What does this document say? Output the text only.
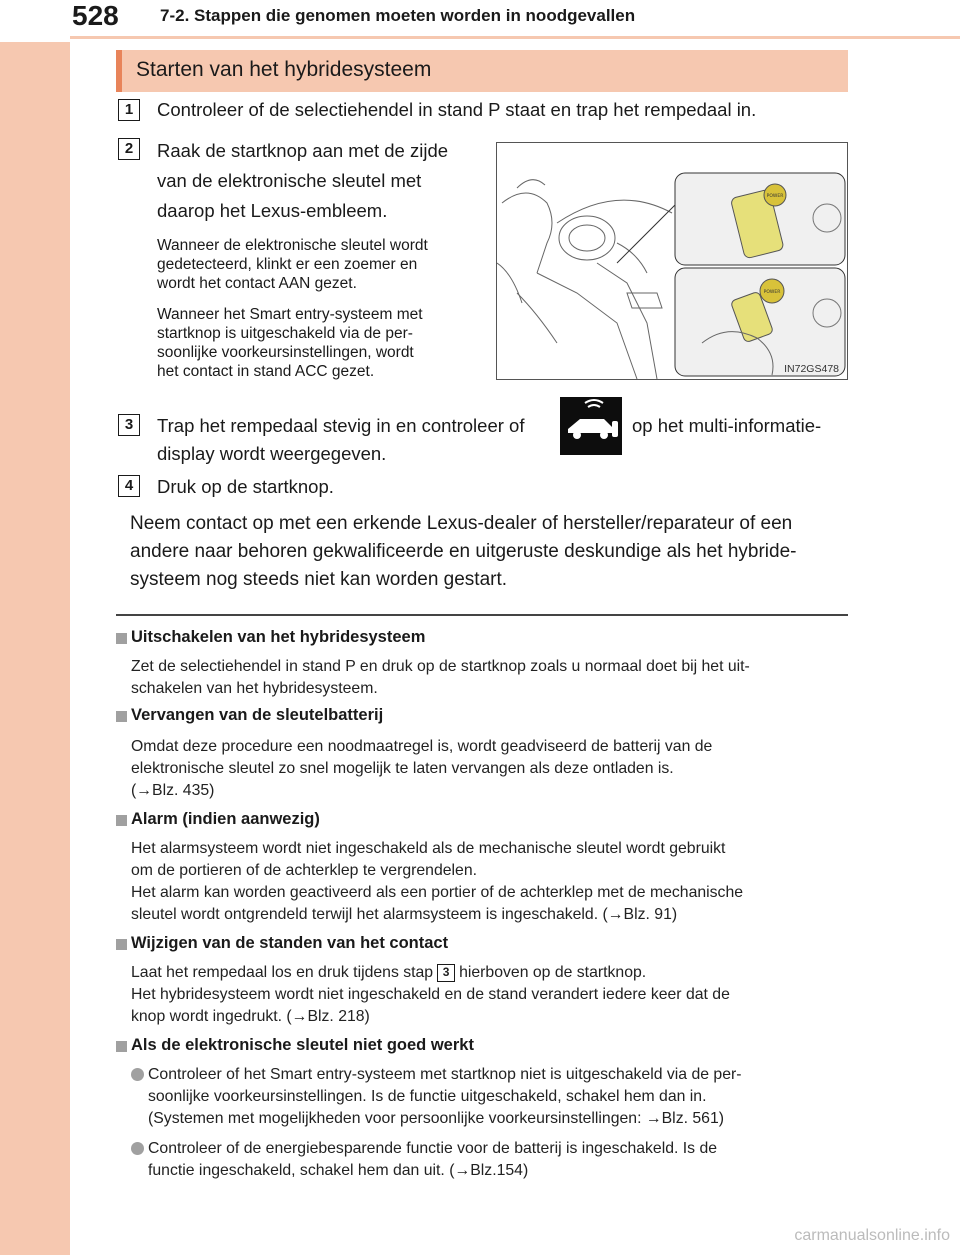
528 7-2. Stappen die genomen moeten worden in noodgevallen
Starten van het hybridesysteem
1	Controleer of de selectiehendel in stand P staat en trap het rempedaal in.
2	Raak de startknop aan met de zijde
van de elektronische sleutel met
daarop het Lexus-embleem.
Wanneer de elektronische sleutel wordt
gedetecteerd, klinkt er een zoemer en
wordt het contact AAN gezet.
Wanneer het Smart entry-systeem met
startknop is uitgeschakeld via de per-
soonlijke voorkeursinstellingen, wordt
het contact in stand ACC gezet.
POWER
POWER
IN72GS478
3	Trap het rempedaal stevig in en controleer of	op het multi-informatie-
display wordt weergegeven.
4	Druk op de startknop.
Neem contact op met een erkende Lexus-dealer of hersteller/reparateur of een
andere naar behoren gekwalificeerde en uitgeruste deskundige als het hybride-
systeem nog steeds niet kan worden gestart.
Uitschakelen van het hybridesysteem
Zet de selectiehendel in stand P en druk op de startknop zoals u normaal doet bij het uit-
schakelen van het hybridesysteem.
Vervangen van de sleutelbatterij
Omdat deze procedure een noodmaatregel is, wordt geadviseerd de batterij van de
elektronische sleutel zo snel mogelijk te laten vervangen als deze ontladen is.
(→Blz. 435)
Alarm (indien aanwezig)
Het alarmsysteem wordt niet ingeschakeld als de mechanische sleutel wordt gebruikt
om de portieren of de achterklep te vergrendelen.
Het alarm kan worden geactiveerd als een portier of de achterklep met de mechanische
sleutel wordt ontgrendeld terwijl het alarmsysteem is ingeschakeld. (→Blz. 91)
Wijzigen van de standen van het contact
Laat het rempedaal los en druk tijdens stap 3 hierboven op de startknop.
Het hybridesysteem wordt niet ingeschakeld en de stand verandert iedere keer dat de
knop wordt ingedrukt. (→Blz. 218)
Als de elektronische sleutel niet goed werkt
Controleer of het Smart entry-systeem met startknop niet is uitgeschakeld via de per-
soonlijke voorkeursinstellingen. Is de functie uitgeschakeld, schakel hem dan in.
(Systemen met mogelijkheden voor persoonlijke voorkeursinstellingen: →Blz. 561)
Controleer of de energiebesparende functie voor de batterij is ingeschakeld. Is de
functie ingeschakeld, schakel hem dan uit. (→Blz.154)
carmanualsonline.info
